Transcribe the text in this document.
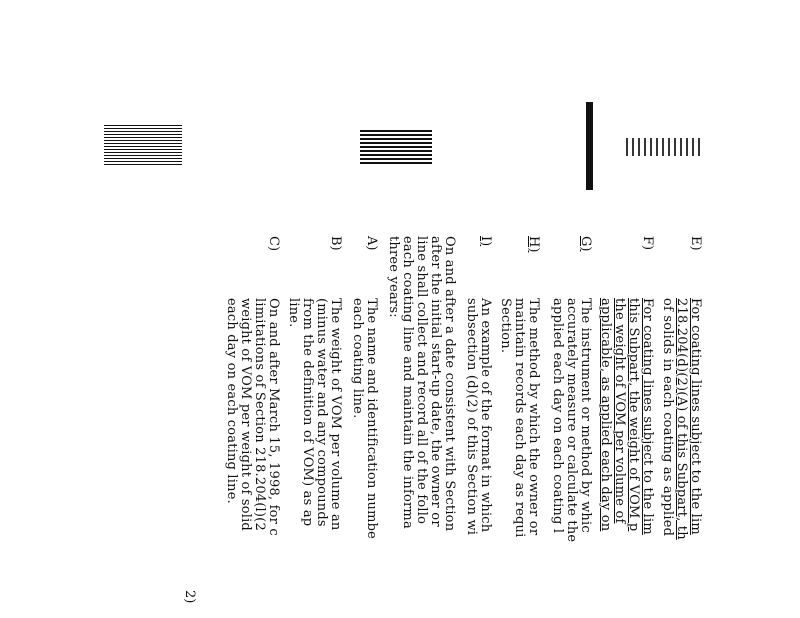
E)
For coating lines subject to the lim
218.204(d)(2)(A) of this Subpart, th
of solids in each coating as applied
F)
For coating lines subject to the lim
this Subpart, the weight of VOM p
the weight of VOM per volume of
applicable, as applied each day on
G)
The instrument or method by whic
accurately measure or calculate the
applied each day on each coating l
H)
The method by which the owner or
maintain records each day as requi
Section.
I)
An example of the format in which
subsection (d)(2) of this Section wi
On and after a date consistent with Section
after the initial start-up date, the owner or
line shall collect and record all of the follo
each coating line and maintain the informa
three years:
A)
The name and identification numbe
each coating line.
B)
The weight of VOM per volume an
(minus water and any compounds
from the definition of VOM) as ap
line.
C)
On and after March 15, 1998, for c
limitations of Section 218.204(l)(2
weight of VOM per weight of solid
each day on each coating line.
2)
